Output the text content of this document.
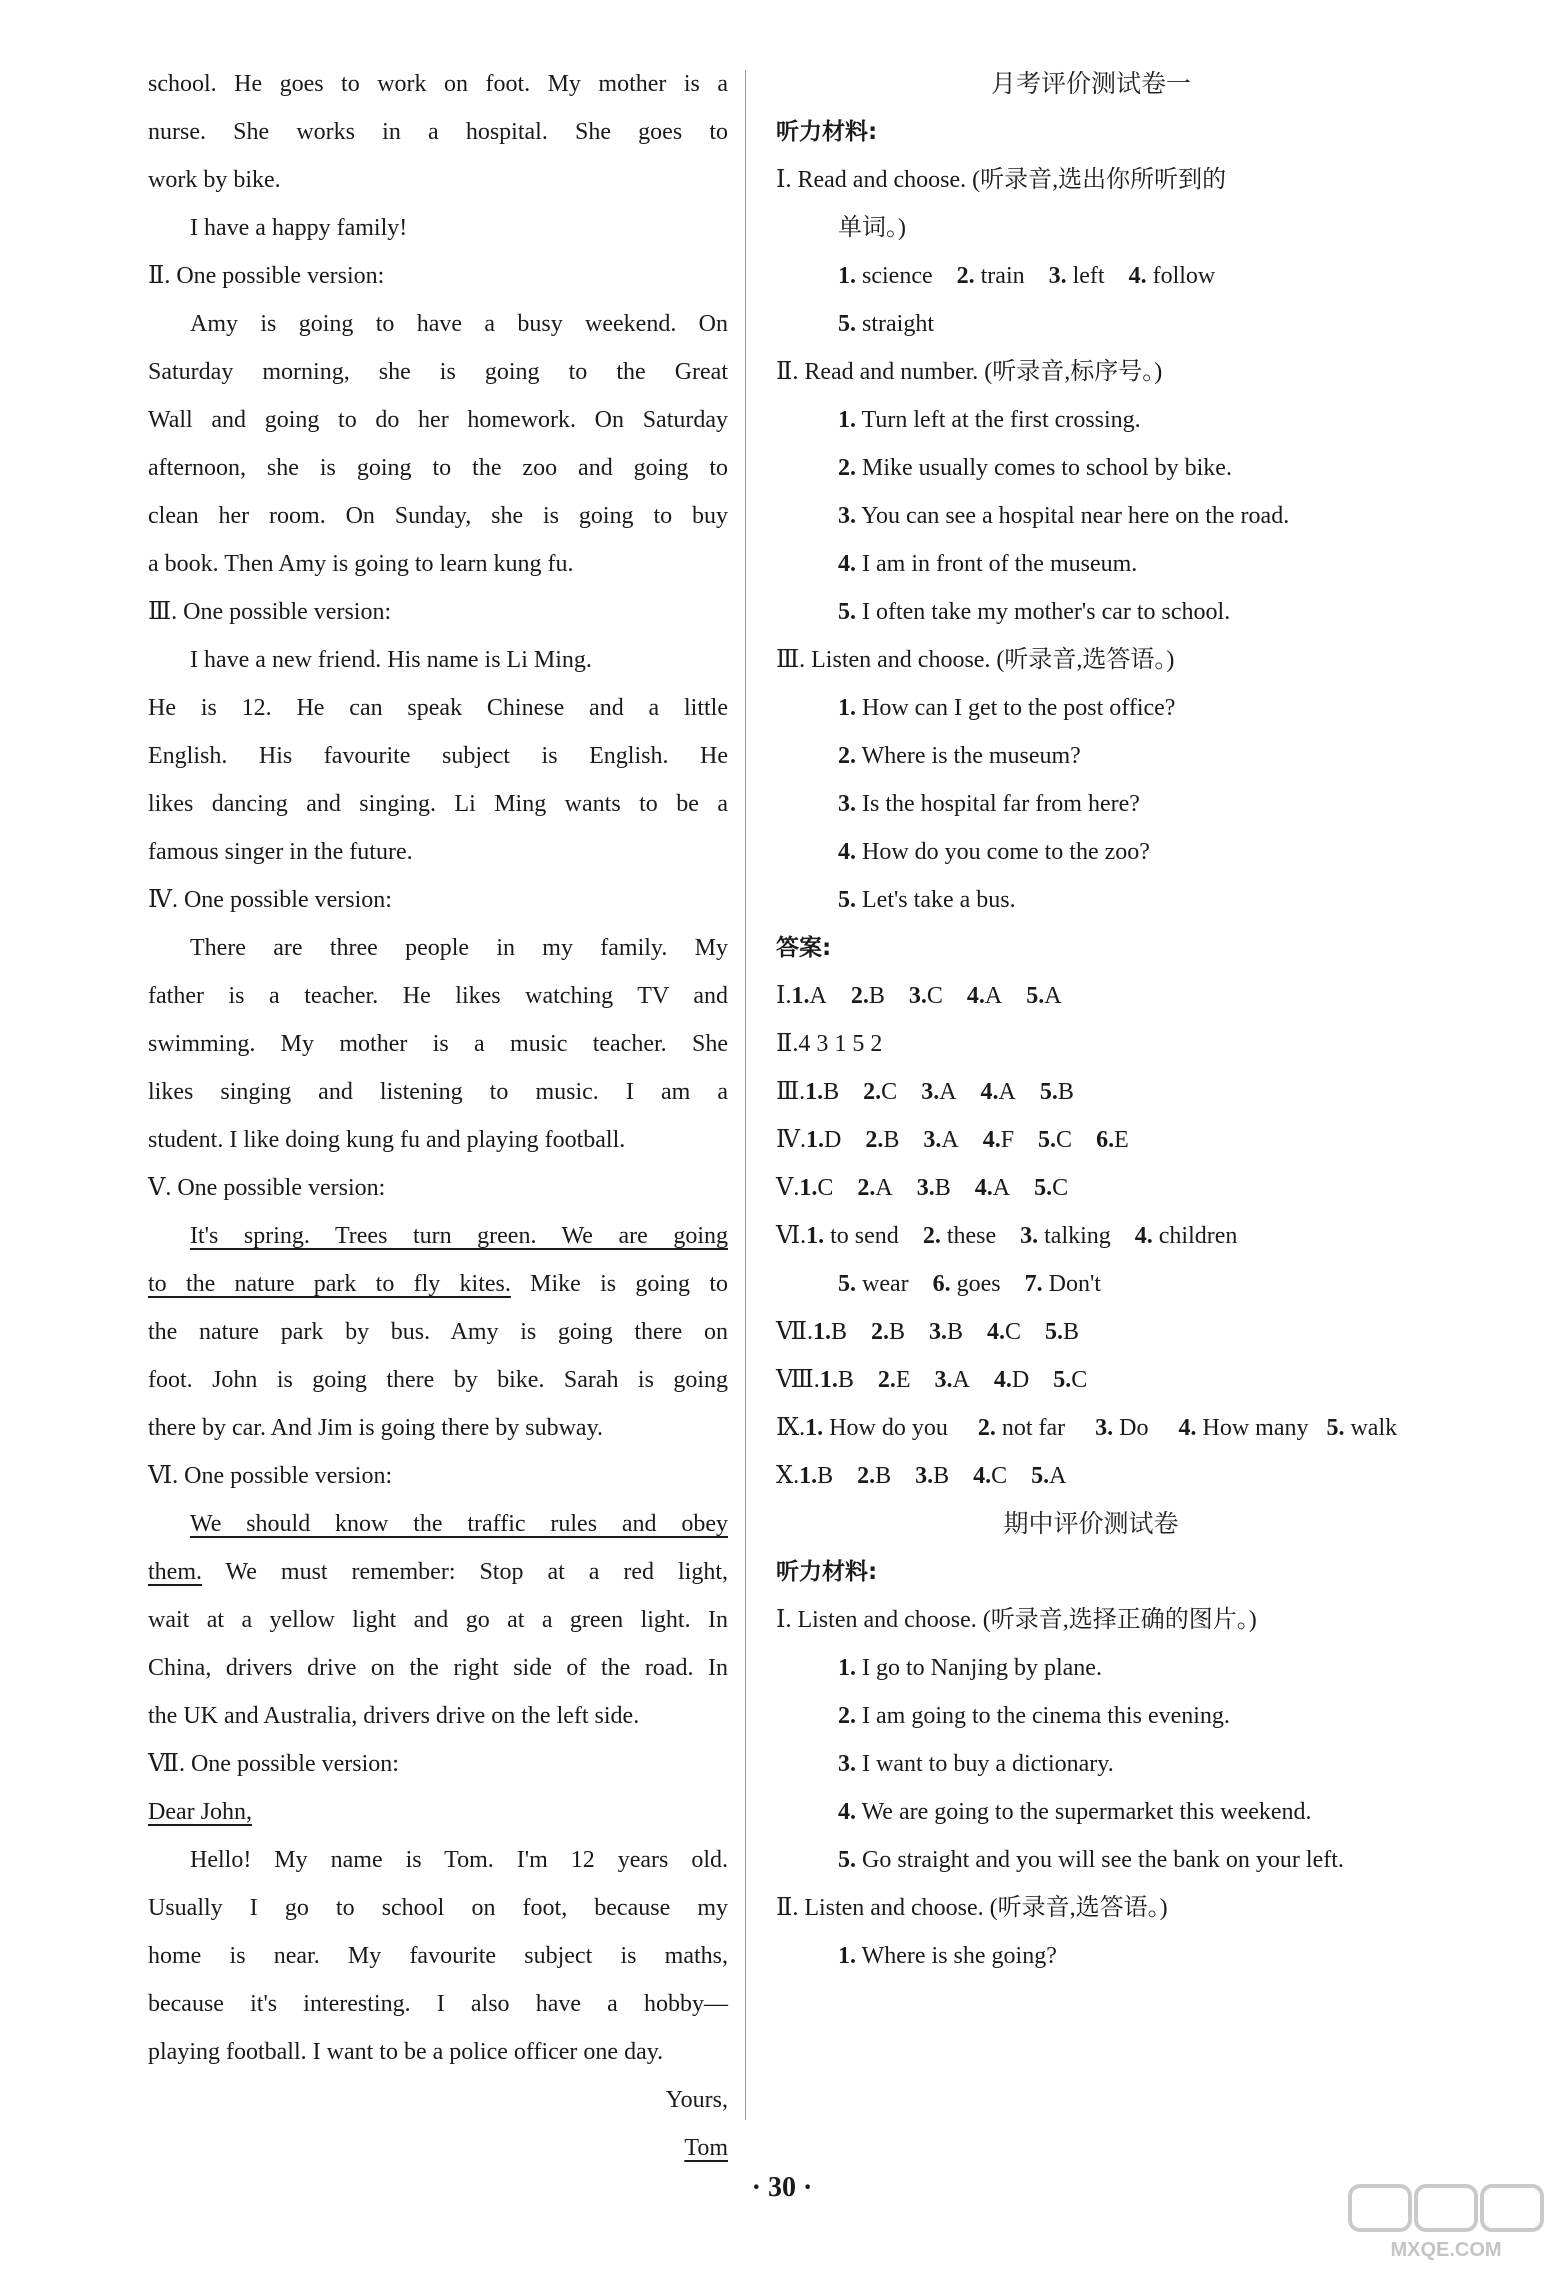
school. He goes to work on foot. My mother is a
nurse. She works in a hospital. She goes to
work by bike.
I have a happy family!
Ⅱ. One possible version:
Amy is going to have a busy weekend. On
Saturday morning, she is going to the Great
Wall and going to do her homework. On Saturday
afternoon, she is going to the zoo and going to
clean her room. On Sunday, she is going to buy
a book. Then Amy is going to learn kung fu.
Ⅲ. One possible version:
I have a new friend. His name is Li Ming.
He is 12. He can speak Chinese and a little
English. His favourite subject is English. He
likes dancing and singing. Li Ming wants to be a
famous singer in the future.
Ⅳ. One possible version:
There are three people in my family. My
father is a teacher. He likes watching TV and
swimming. My mother is a music teacher. She
likes singing and listening to music. I am a
student. I like doing kung fu and playing football.
Ⅴ. One possible version:
It's spring. Trees turn green. We are going
to the nature park to fly kites. Mike is going to
the nature park by bus. Amy is going there on
foot. John is going there by bike. Sarah is going
there by car. And Jim is going there by subway.
Ⅵ. One possible version:
We should know the traffic rules and obey
them. We must remember: Stop at a red light,
wait at a yellow light and go at a green light. In
China, drivers drive on the right side of the road. In
the UK and Australia, drivers drive on the left side.
Ⅶ. One possible version:
Dear John,
Hello! My name is Tom. I'm 12 years old.
Usually I go to school on foot, because my
home is near. My favourite subject is maths,
because it's interesting. I also have a hobby—
playing football. I want to be a police officer one day.
Yours,
Tom
月考评价测试卷一
听力材料:
Ⅰ. Read and choose. (听录音,选出你所听到的
单词。)
1. science 2. train 3. left 4. follow
5. straight
Ⅱ. Read and number. (听录音,标序号。)
1. Turn left at the first crossing.
2. Mike usually comes to school by bike.
3. You can see a hospital near here on the road.
4. I am in front of the museum.
5. I often take my mother's car to school.
Ⅲ. Listen and choose. (听录音,选答语。)
1. How can I get to the post office?
2. Where is the museum?
3. Is the hospital far from here?
4. How do you come to the zoo?
5. Let's take a bus.
答案:
Ⅰ.1.A 2.B 3.C 4.A 5.A
Ⅱ.4 3 1 5 2
Ⅲ.1.B 2.C 3.A 4.A 5.B
Ⅳ.1.D 2.B 3.A 4.F 5.C 6.E
Ⅴ.1.C 2.A 3.B 4.A 5.C
Ⅵ.1. to send 2. these 3. talking 4. children
5. wear 6. goes 7. Don't
Ⅶ.1.B 2.B 3.B 4.C 5.B
Ⅷ.1.B 2.E 3.A 4.D 5.C
Ⅸ.1. How do you 2. not far 3. Do 4. How many 5. walk
Ⅹ.1.B 2.B 3.B 4.C 5.A
期中评价测试卷
听力材料:
Ⅰ. Listen and choose. (听录音,选择正确的图片。)
1. I go to Nanjing by plane.
2. I am going to the cinema this evening.
3. I want to buy a dictionary.
4. We are going to the supermarket this weekend.
5. Go straight and you will see the bank on your left.
Ⅱ. Listen and choose. (听录音,选答语。)
1. Where is she going?
· 30 ·
MXQE.COM
